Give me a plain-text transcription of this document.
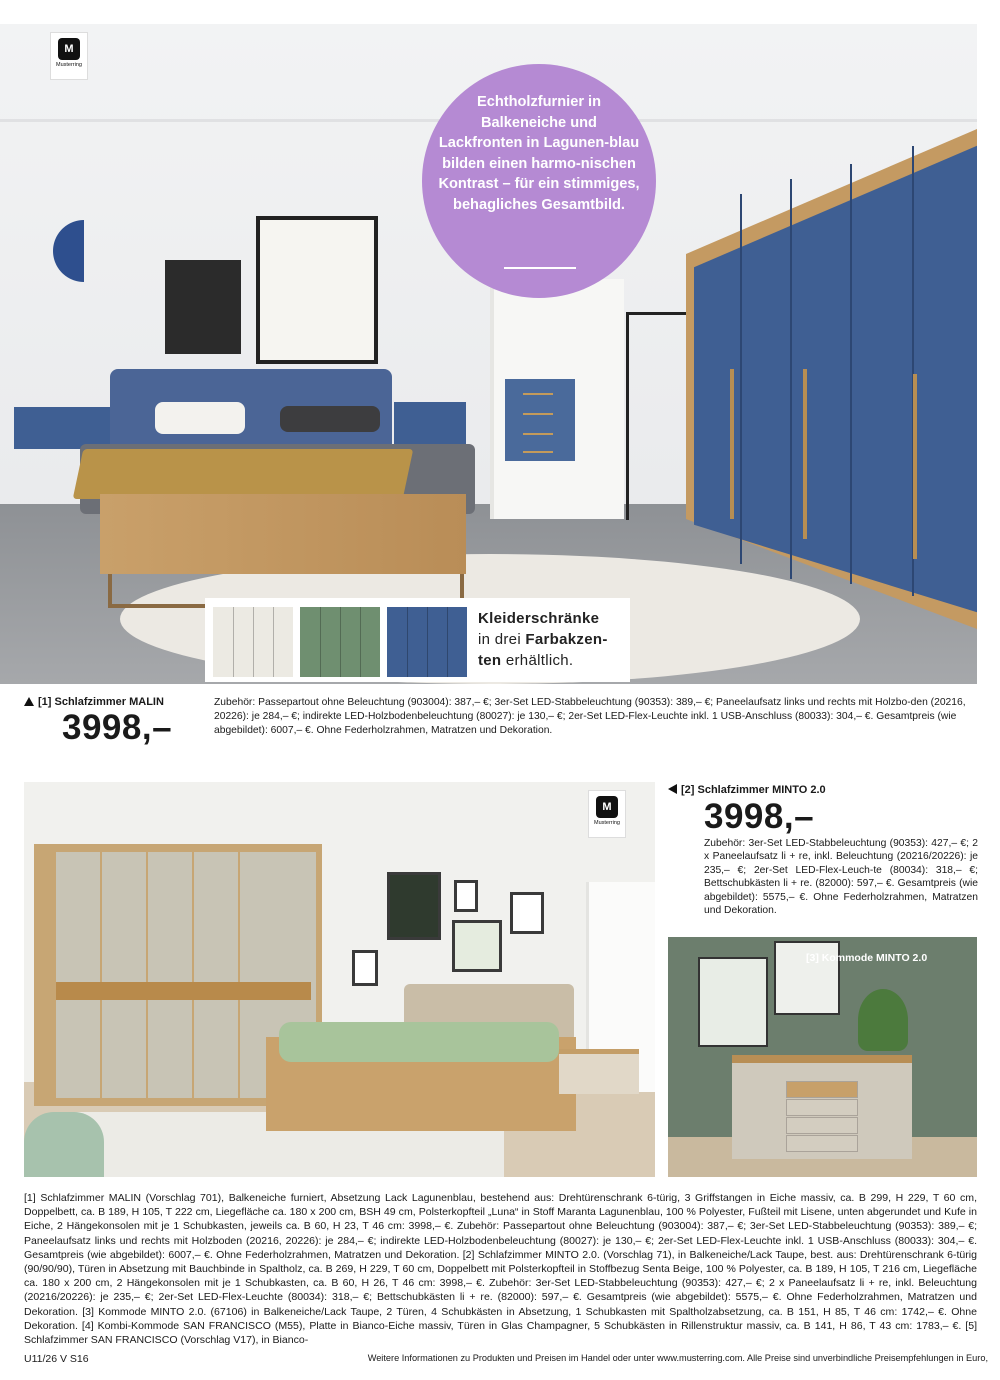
M
Musterring
Echtholzfurnier in Balkeneiche und Lackfronten in Lagunen-blau bilden einen harmo-nischen Kontrast – für ein stimmiges, behagliches Gesamtbild.
Kleiderschränke
in drei Farbakzen-
ten erhältlich.
[1] Schlafzimmer MALIN
3998,–
Zubehör: Passepartout ohne Beleuchtung (903004): 387,– €; 3er-Set LED-Stabbeleuchtung (90353): 389,– €; Paneelaufsatz links und rechts mit Holzbo-den (20216, 20226): je 284,– €; indirekte LED-Holzbodenbeleuchtung (80027): je 130,– €; 2er-Set LED-Flex-Leuchte inkl. 1 USB-Anschluss (80033): 304,– €. Gesamtpreis (wie abgebildet): 6007,– €. Ohne Federholzrahmen, Matratzen und Dekoration.
M
Musterring
[2] Schlafzimmer MINTO 2.0
3998,–
Zubehör: 3er-Set LED-Stabbeleuchtung (90353): 427,– €; 2 x Paneelaufsatz li + re, inkl. Beleuchtung (20216/20226): je 235,– €; 2er-Set LED-Flex-Leuch-te (80034): 318,– €; Bettschubkästen li + re. (82000): 597,– €. Gesamtpreis (wie abgebildet): 5575,– €. Ohne Federholzrahmen, Matratzen und Dekoration.
[3] Kommode MINTO 2.0
[1] Schlafzimmer MALIN (Vorschlag 701), Balkeneiche furniert, Absetzung Lack Lagunenblau, bestehend aus: Drehtürenschrank 6-türig, 3 Griffstangen in Eiche massiv, ca. B 299, H 229, T 60 cm, Doppelbett, ca. B 189, H 105, T 222 cm, Liegefläche ca. 180 x 200 cm, BSH 49 cm, Polsterkopfteil „Luna“ in Stoff Maranta Lagunenblau, 100 % Polyester, Fußteil mit Lisene, unten abgerundet und Kufe in Eiche, 2 Hängekonsolen mit je 1 Schubkasten, jeweils ca. B 60, H 23, T 46 cm: 3998,– €. Zubehör: Passepartout ohne Beleuchtung (903004): 387,– €; 3er-Set LED-Stabbeleuchtung (90353): 389,– €; Paneelaufsatz links und rechts mit Holzboden (20216, 20226): je 284,– €; indirekte LED-Holzbodenbeleuchtung (80027): je 130,– €; 2er-Set LED-Flex-Leuchte inkl. 1 USB-Anschluss (80033): 304,– €. Gesamtpreis (wie abgebildet): 6007,– €. Ohne Federholzrahmen, Matratzen und Dekoration. [2] Schlafzimmer MINTO 2.0. (Vorschlag 71), in Balkeneiche/Lack Taupe, best. aus: Drehtürenschrank 6-türig (90/90/90), Türen in Absetzung mit Bauchbinde in Spaltholz, ca. B 269, H 229, T 60 cm, Doppelbett mit Polsterkopfteil in Stoffbezug Senta Beige, 100 % Polyester, ca. B 189, H 105, T 216 cm, Liegefläche ca. 180 x 200 cm, 2 Hängekonsolen mit je 1 Schubkasten, ca. B 60, H 26, T 46 cm: 3998,– €. Zubehör: 3er-Set LED-Stabbeleuchtung (90353): 427,– €; 2 x Paneelaufsatz li + re, inkl. Beleuchtung (20216/20226): je 235,– €; 2er-Set LED-Flex-Leuchte (80034): 318,– €; Bettschubkästen li + re. (82000): 597,– €. Gesamtpreis (wie abgebildet): 5575,– €. Ohne Federholzrahmen, Matratzen und Dekoration. [3] Kommode MINTO 2.0. (67106) in Balkeneiche/Lack Taupe, 2 Türen, 4 Schubkästen in Absetzung, 1 Schubkasten mit Spaltholzabsetzung, ca. B 151, H 85, T 46 cm: 1742,– €. Ohne Dekoration. [4] Kombi-Kommode SAN FRANCISCO (M55), Platte in Bianco-Eiche massiv, Türen in Glas Champagner, 5 Schubkästen in Rillenstruktur massiv, ca. B 141, H 86, T 43 cm: 1783,– €. [5] Schlafzimmer SAN FRANCISCO (Vorschlag V17), in Bianco-
U11/26 V S16	Weitere Informationen zu Produkten und Preisen im Handel oder unter www.musterring.com. Alle Preise sind unverbindliche Preisempfehlungen in Euro,
